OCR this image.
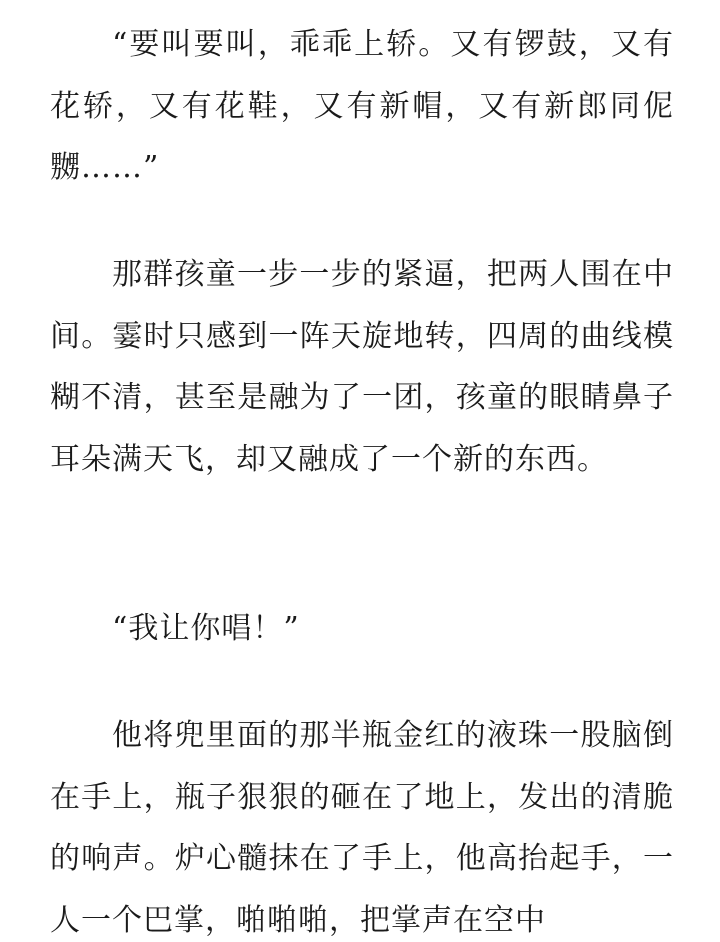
“要叫要叫，乖乖上轿。又有锣鼓，又有花轿，又有花鞋，又有新帽，又有新郎同伲嬲……”

那群孩童一步一步的紧逼，把两人围在中间。霎时只感到一阵天旋地转，四周的曲线模糊不清，甚至是融为了一团，孩童的眼睛鼻子耳朵满天飞，却又融成了一个新的东西。

“我让你唱！”

他将兜里面的那半瓶金红的液珠一股脑倒在手上，瓶子狠狠的砸在了地上，发出的清脆的响声。炉心髓抹在了手上，他高抬起手，一人一个巴掌，啪啪啪，把掌声在空中
